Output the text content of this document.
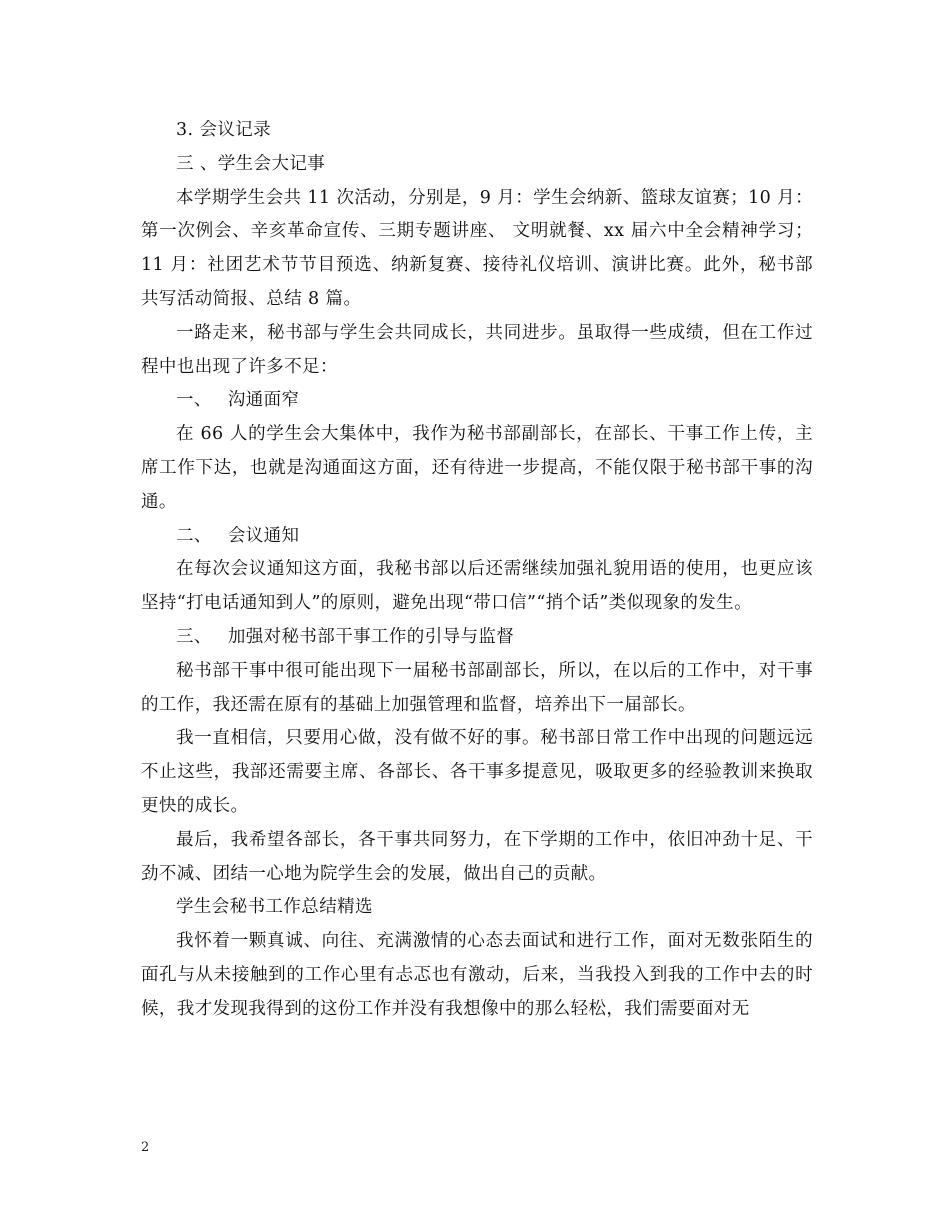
3. 会议记录

三 、学生会大记事

本学期学生会共 11 次活动，分别是，9 月：学生会纳新、篮球友谊赛；10 月：第一次例会、辛亥革命宣传、三期专题讲座、 文明就餐、xx 届六中全会精神学习；11 月：社团艺术节节目预选、纳新复赛、接待礼仪培训、演讲比赛。此外，秘书部共写活动简报、总结 8 篇。

一路走来，秘书部与学生会共同成长，共同进步。虽取得一些成绩，但在工作过程中也出现了许多不足：

一、 沟通面窄

在 66 人的学生会大集体中，我作为秘书部副部长，在部长、干事工作上传，主席工作下达，也就是沟通面这方面，还有待进一步提高，不能仅限于秘书部干事的沟通。

二、 会议通知

在每次会议通知这方面，我秘书部以后还需继续加强礼貌用语的使用，也更应该坚持“打电话通知到人”的原则，避免出现“带口信”“捎个话”类似现象的发生。

三、 加强对秘书部干事工作的引导与监督

秘书部干事中很可能出现下一届秘书部副部长，所以，在以后的工作中，对干事的工作，我还需在原有的基础上加强管理和监督，培养出下一届部长。

我一直相信，只要用心做，没有做不好的事。秘书部日常工作中出现的问题远远不止这些，我部还需要主席、各部长、各干事多提意见，吸取更多的经验教训来换取更快的成长。

最后，我希望各部长，各干事共同努力，在下学期的工作中，依旧冲劲十足、干劲不减、团结一心地为院学生会的发展，做出自己的贡献。

学生会秘书工作总结精选

我怀着一颗真诚、向往、充满激情的心态去面试和进行工作，面对无数张陌生的面孔与从未接触到的工作心里有忐忑也有激动，后来，当我投入到我的工作中去的时候，我才发现我得到的这份工作并没有我想像中的那么轻松，我们需要面对无

2
